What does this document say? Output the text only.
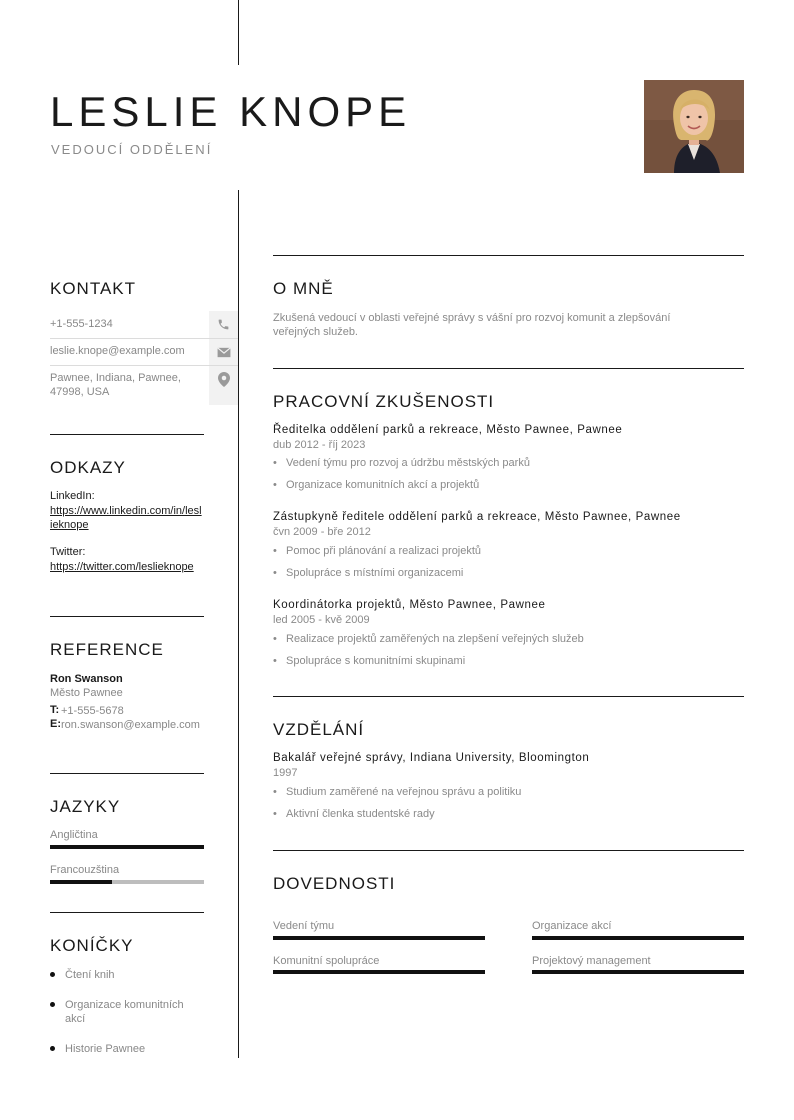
LESLIE KNOPE
VEDOUCÍ ODDĚLENÍ
KONTAKT
+1-555-1234
leslie.knope@example.com
Pawnee, Indiana, Pawnee, 47998, USA
ODKAZY
LinkedIn:
https://www.linkedin.com/in/leslieknope
Twitter:
https://twitter.com/leslieknope
REFERENCE
Ron Swanson
Město Pawnee
T: +1-555-5678
E: ron.swanson@example.com
JAZYKY
Angličtina
Francouzština
KONÍČKY
Čtení knih
Organizace komunitních akcí
Historie Pawnee
O MNĚ
Zkušená vedoucí v oblasti veřejné správy s vášní pro rozvoj komunit a zlepšování veřejných služeb.
PRACOVNÍ ZKUŠENOSTI
Ředitelka oddělení parků a rekreace, Město Pawnee, Pawnee
dub 2012 - říj 2023
• Vedení týmu pro rozvoj a údržbu městských parků
• Organizace komunitních akcí a projektů
Zástupkyně ředitele oddělení parků a rekreace, Město Pawnee, Pawnee
čvn 2009 - bře 2012
• Pomoc při plánování a realizaci projektů
• Spolupráce s místními organizacemi
Koordinátorka projektů, Město Pawnee, Pawnee
led 2005 - kvě 2009
• Realizace projektů zaměřených na zlepšení veřejných služeb
• Spolupráce s komunitními skupinami
VZDĚLÁNÍ
Bakalář veřejné správy, Indiana University, Bloomington
1997
• Studium zaměřené na veřejnou správu a politiku
• Aktivní členka studentské rady
DOVEDNOSTI
Vedení týmu	Organizace akcí
Komunitní spolupráce	Projektový management
